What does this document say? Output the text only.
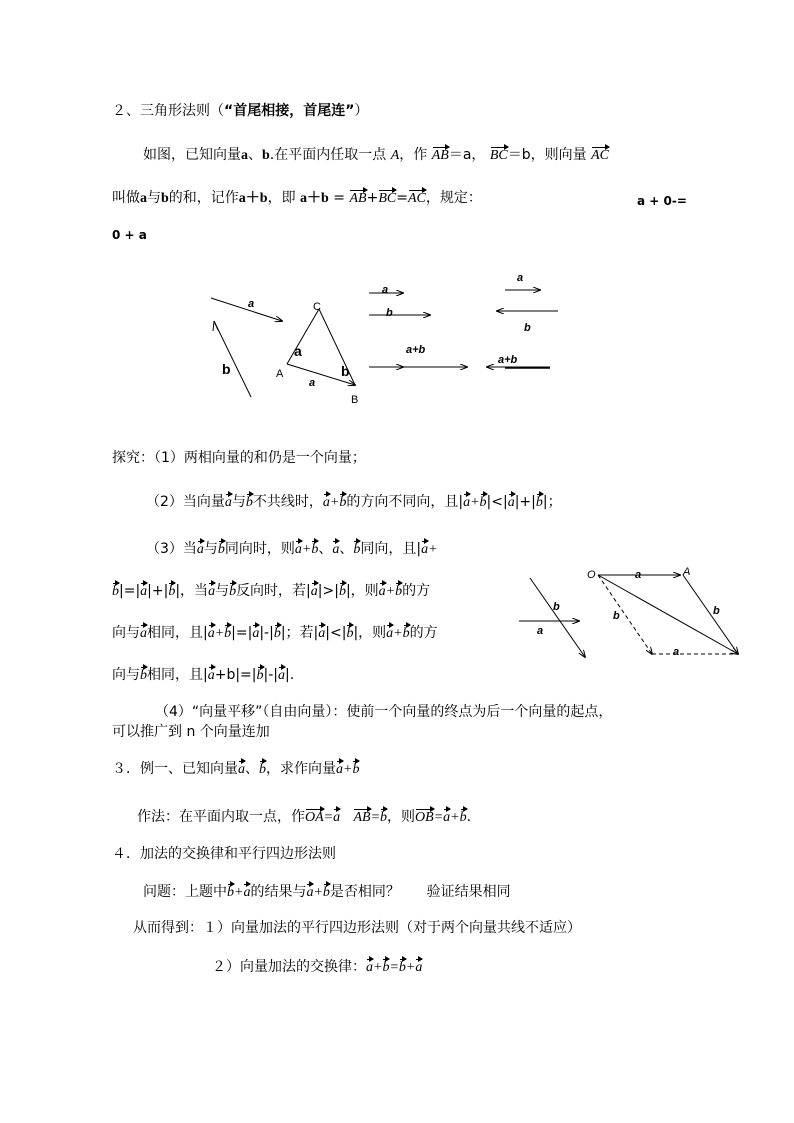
２、三角形法则（“首尾相接，首尾连”）
如图，已知向量a、b.在平面内任取一点 A，作 AB＝a， BC＝b，则向量 AC
叫做a与b的和，记作a＋b，即 a＋b = AB+BC=AC，规定：	a + 0-=
0 + a
a
b
C
A
B
a
b
a
a
b
a+b
a
b
a+b
探究：（1）两相向量的和仍是一个向量；
（2）当向量a与b不共线时，a+b的方向不同向，且|a+b|<|a|+|b|；
（3）当a与b同向时，则a+b、a、b同向，且|a+
b|=|a|+|b|，当a与b反向时，若|a|>|b|，则a+b的方
向与a相同，且|a+b|=|a|-|b|；若|a|<|b|，则a+b的方
向与b相同，且|a+b|=|b|-|a|.
O	a	A
b
b
a
b
a
（4）“向量平移”（自由向量）：使前一个向量的终点为后一个向量的起点，
可以推广到 n 个向量连加
３．例一、已知向量a、b，求作向量a+b
作法：在平面内取一点，作OA=a AB=b，则OB=a+b.
４．加法的交换律和平行四边形法则
问题：上题中b+a的结果与a+b是否相同？ 验证结果相同
从而得到：１）向量加法的平行四边形法则（对于两个向量共线不适应）
２）向量加法的交换律：a+b=b+a
